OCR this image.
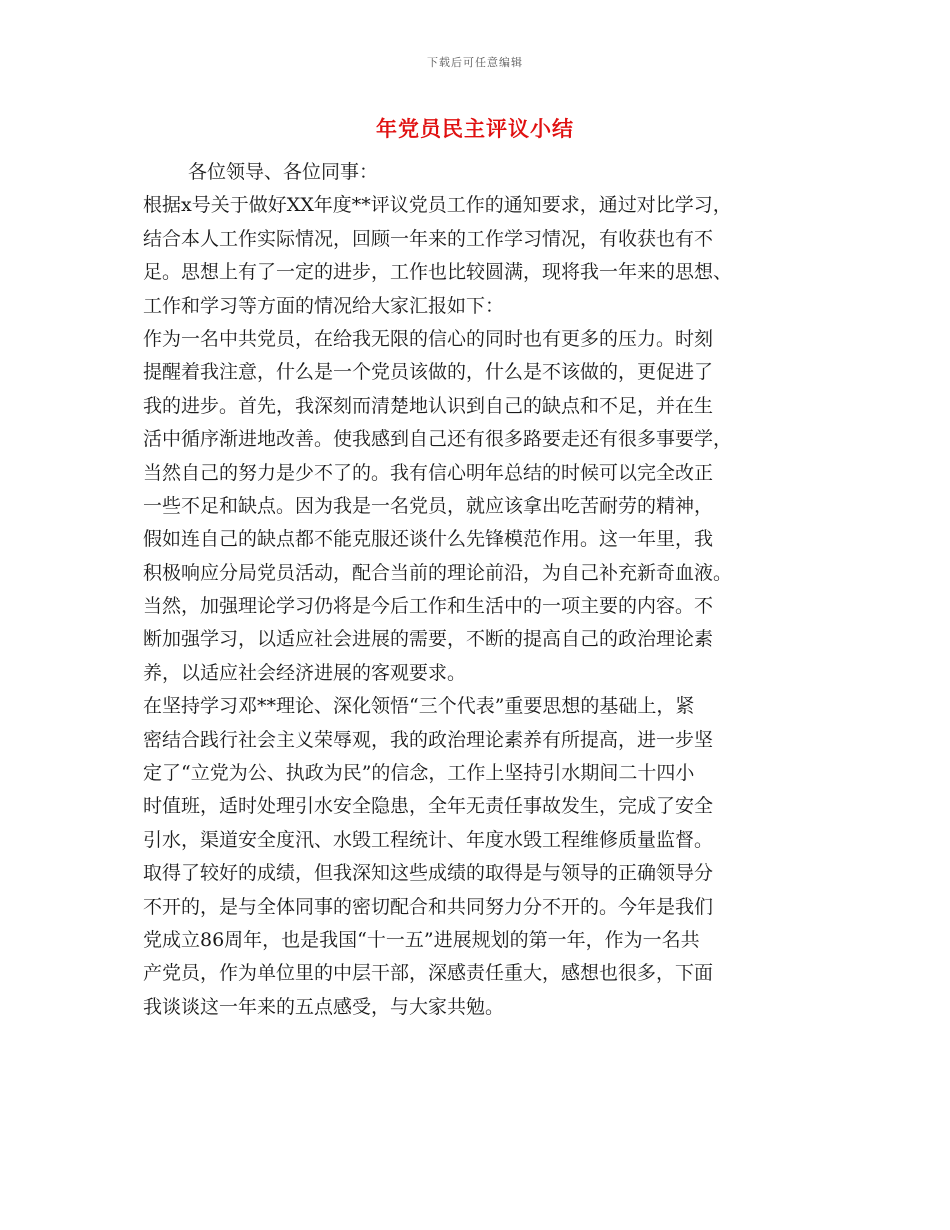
下载后可任意编辑
年党员民主评议小结
各位领导、各位同事：
根据x号关于做好XX年度**评议党员工作的通知要求，通过对比学习，
结合本人工作实际情况，回顾一年来的工作学习情况，有收获也有不
足。思想上有了一定的进步，工作也比较圆满，现将我一年来的思想、
工作和学习等方面的情况给大家汇报如下：
作为一名中共党员，在给我无限的信心的同时也有更多的压力。时刻
提醒着我注意，什么是一个党员该做的，什么是不该做的，更促进了
我的进步。首先，我深刻而清楚地认识到自己的缺点和不足，并在生
活中循序渐进地改善。使我感到自己还有很多路要走还有很多事要学，
当然自己的努力是少不了的。我有信心明年总结的时候可以完全改正
一些不足和缺点。因为我是一名党员，就应该拿出吃苦耐劳的精神，
假如连自己的缺点都不能克服还谈什么先锋模范作用。这一年里，我
积极响应分局党员活动，配合当前的理论前沿，为自己补充新奇血液。
当然，加强理论学习仍将是今后工作和生活中的一项主要的内容。不
断加强学习，以适应社会进展的需要，不断的提高自己的政治理论素
养，以适应社会经济进展的客观要求。
在坚持学习邓**理论、深化领悟“三个代表”重要思想的基础上，紧
密结合践行社会主义荣辱观，我的政治理论素养有所提高，进一步坚
定了“立党为公、执政为民”的信念，工作上坚持引水期间二十四小
时值班，适时处理引水安全隐患，全年无责任事故发生，完成了安全
引水，渠道安全度汛、水毁工程统计、年度水毁工程维修质量监督。
取得了较好的成绩，但我深知这些成绩的取得是与领导的正确领导分
不开的，是与全体同事的密切配合和共同努力分不开的。今年是我们
党成立86周年，也是我国“十一五”进展规划的第一年，作为一名共
产党员，作为单位里的中层干部，深感责任重大，感想也很多，下面
我谈谈这一年来的五点感受，与大家共勉。
